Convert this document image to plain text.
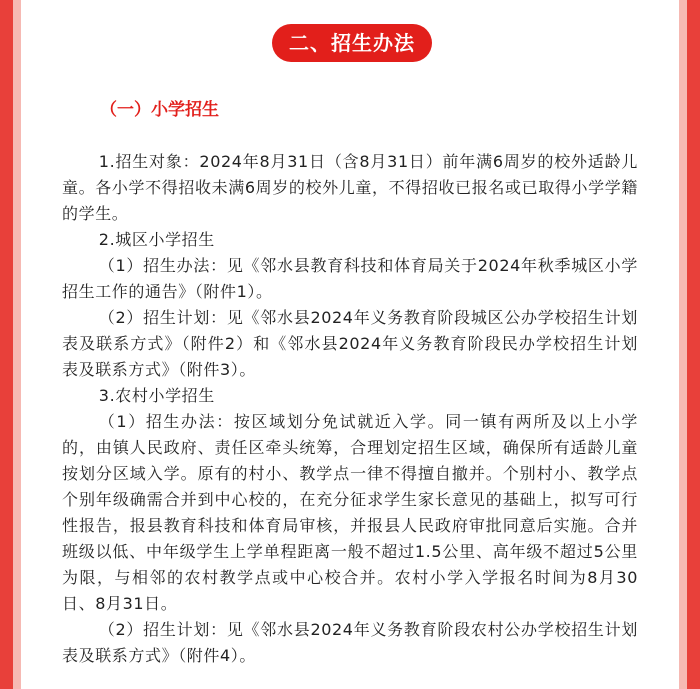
二、招生办法
（一）小学招生

1.招生对象：2024年8月31日（含8月31日）前年满6周岁的校外适龄儿童。各小学不得招收未满6周岁的校外儿童，不得招收已报名或已取得小学学籍的学生。

2.城区小学招生

（1）招生办法：见《邻水县教育科技和体育局关于2024年秋季城区小学招生工作的通告》（附件1）。

（2）招生计划：见《邻水县2024年义务教育阶段城区公办学校招生计划表及联系方式》（附件2）和《邻水县2024年义务教育阶段民办学校招生计划表及联系方式》（附件3）。

3.农村小学招生

（1）招生办法：按区域划分免试就近入学。同一镇有两所及以上小学的，由镇人民政府、责任区牵头统筹，合理划定招生区域，确保所有适龄儿童按划分区域入学。原有的村小、教学点一律不得擅自撤并。个别村小、教学点个别年级确需合并到中心校的，在充分征求学生家长意见的基础上，拟写可行性报告，报县教育科技和体育局审核，并报县人民政府审批同意后实施。合并班级以低、中年级学生上学单程距离一般不超过1.5公里、高年级不超过5公里为限，与相邻的农村教学点或中心校合并。农村小学入学报名时间为8月30日、8月31日。

（2）招生计划：见《邻水县2024年义务教育阶段农村公办学校招生计划表及联系方式》（附件4）。
